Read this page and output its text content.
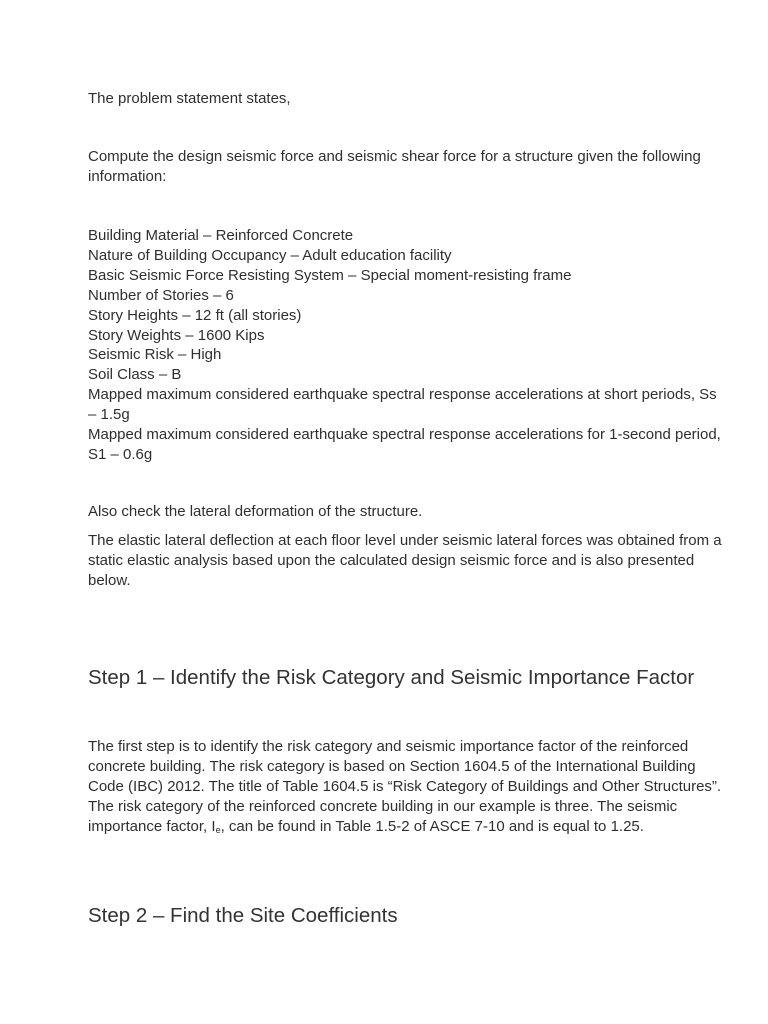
The problem statement states,

Compute the design seismic force and seismic shear force for a structure given the following information:

Building Material – Reinforced Concrete
Nature of Building Occupancy – Adult education facility
Basic Seismic Force Resisting System – Special moment-resisting frame
Number of Stories – 6
Story Heights – 12 ft (all stories)
Story Weights – 1600 Kips
Seismic Risk – High
Soil Class – B
Mapped maximum considered earthquake spectral response accelerations at short periods, Ss – 1.5g
Mapped maximum considered earthquake spectral response accelerations for 1-second period, S1 – 0.6g

Also check the lateral deformation of the structure.

The elastic lateral deflection at each floor level under seismic lateral forces was obtained from a static elastic analysis based upon the calculated design seismic force and is also presented below.

Step 1 – Identify the Risk Category and Seismic Importance Factor

The first step is to identify the risk category and seismic importance factor of the reinforced concrete building. The risk category is based on Section 1604.5 of the International Building Code (IBC) 2012. The title of Table 1604.5 is “Risk Category of Buildings and Other Structures”. The risk category of the reinforced concrete building in our example is three. The seismic importance factor, $I_e$, can be found in Table 1.5-2 of ASCE 7-10 and is equal to 1.25.

Step 2 – Find the Site Coefficients
